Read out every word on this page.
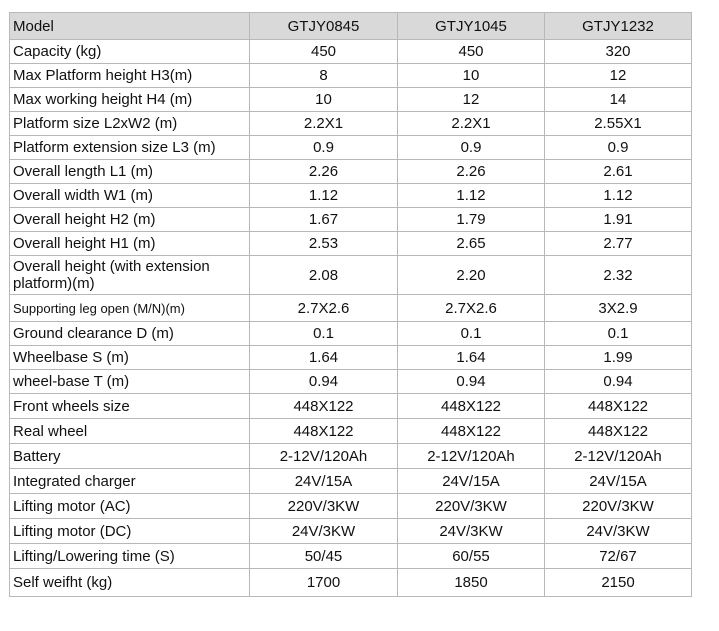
Model	GTJY0845	GTJY1045	GTJY1232
Capacity (kg)	450	450	320
Max Platform height H3(m)	8	10	12
Max working height H4 (m)	10	12	14
Platform size L2xW2 (m)	2.2X1	2.2X1	2.55X1
Platform extension size L3 (m)	0.9	0.9	0.9
Overall length L1 (m)	2.26	2.26	2.61
Overall width W1 (m)	1.12	1.12	1.12
Overall height H2 (m)	1.67	1.79	1.91
Overall height H1 (m)	2.53	2.65	2.77
Overall height (with extension platform)(m)	2.08	2.20	2.32
Supporting leg open (M/N)(m)	2.7X2.6	2.7X2.6	3X2.9
Ground clearance D (m)	0.1	0.1	0.1
Wheelbase S (m)	1.64	1.64	1.99
wheel-base T (m)	0.94	0.94	0.94
Front wheels size	448X122	448X122	448X122
Real wheel	448X122	448X122	448X122
Battery	2-12V/120Ah	2-12V/120Ah	2-12V/120Ah
Integrated charger	24V/15A	24V/15A	24V/15A
Lifting motor (AC)	220V/3KW	220V/3KW	220V/3KW
Lifting motor (DC)	24V/3KW	24V/3KW	24V/3KW
Lifting/Lowering time (S)	50/45	60/55	72/67
Self weifht (kg)	1700	1850	2150
